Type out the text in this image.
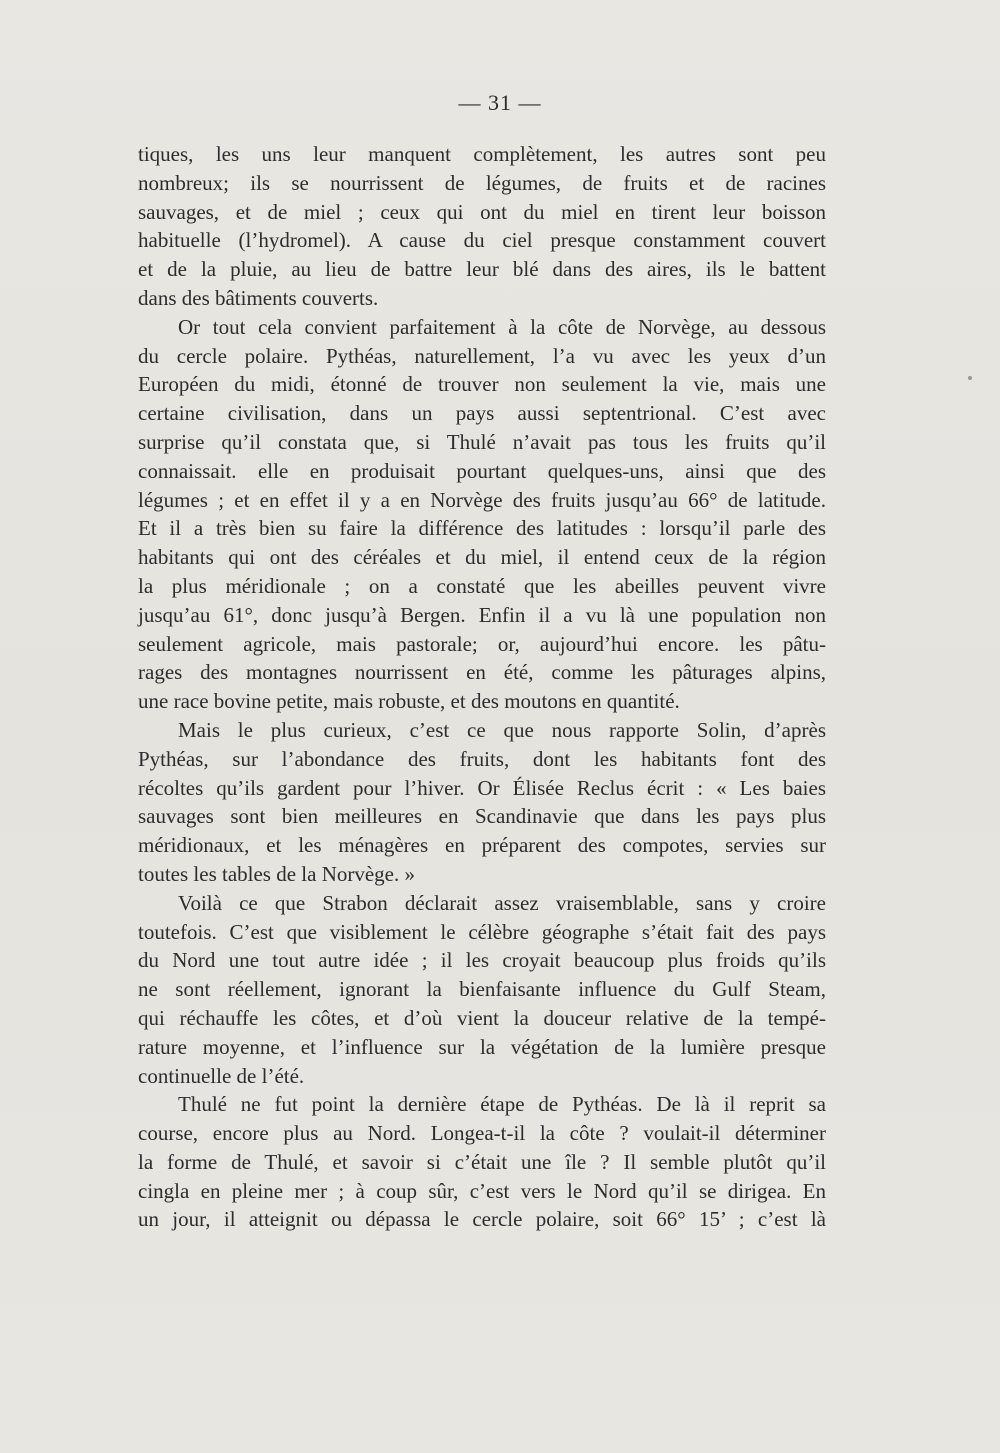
— 31 —
tiques, les uns leur manquent complètement, les autres sont peu
nombreux; ils se nourrissent de légumes, de fruits et de racines
sauvages, et de miel ; ceux qui ont du miel en tirent leur boisson
habituelle (l’hydromel). A cause du ciel presque constamment couvert
et de la pluie, au lieu de battre leur blé dans des aires, ils le battent
dans des bâtiments couverts.
Or tout cela convient parfaitement à la côte de Norvège, au dessous
du cercle polaire. Pythéas, naturellement, l’a vu avec les yeux d’un
Européen du midi, étonné de trouver non seulement la vie, mais une
certaine civilisation, dans un pays aussi septentrional. C’est avec
surprise qu’il constata que, si Thulé n’avait pas tous les fruits qu’il
connaissait. elle en produisait pourtant quelques-uns, ainsi que des
légumes ; et en effet il y a en Norvège des fruits jusqu’au 66° de latitude.
Et il a très bien su faire la différence des latitudes : lorsqu’il parle des
habitants qui ont des céréales et du miel, il entend ceux de la région
la plus méridionale ; on a constaté que les abeilles peuvent vivre
jusqu’au 61°, donc jusqu’à Bergen. Enfin il a vu là une population non
seulement agricole, mais pastorale; or, aujourd’hui encore. les pâtu-
rages des montagnes nourrissent en été, comme les pâturages alpins,
une race bovine petite, mais robuste, et des moutons en quantité.
Mais le plus curieux, c’est ce que nous rapporte Solin, d’après
Pythéas, sur l’abondance des fruits, dont les habitants font des
récoltes qu’ils gardent pour l’hiver. Or Élisée Reclus écrit : « Les baies
sauvages sont bien meilleures en Scandinavie que dans les pays plus
méridionaux, et les ménagères en préparent des compotes, servies sur
toutes les tables de la Norvège. »
Voilà ce que Strabon déclarait assez vraisemblable, sans y croire
toutefois. C’est que visiblement le célèbre géographe s’était fait des pays
du Nord une tout autre idée ; il les croyait beaucoup plus froids qu’ils
ne sont réellement, ignorant la bienfaisante influence du Gulf Steam,
qui réchauffe les côtes, et d’où vient la douceur relative de la tempé-
rature moyenne, et l’influence sur la végétation de la lumière presque
continuelle de l’été.
Thulé ne fut point la dernière étape de Pythéas. De là il reprit sa
course, encore plus au Nord. Longea-t-il la côte ? voulait-il déterminer
la forme de Thulé, et savoir si c’était une île ? Il semble plutôt qu’il
cingla en pleine mer ; à coup sûr, c’est vers le Nord qu’il se dirigea. En
un jour, il atteignit ou dépassa le cercle polaire, soit 66° 15’ ; c’est là
